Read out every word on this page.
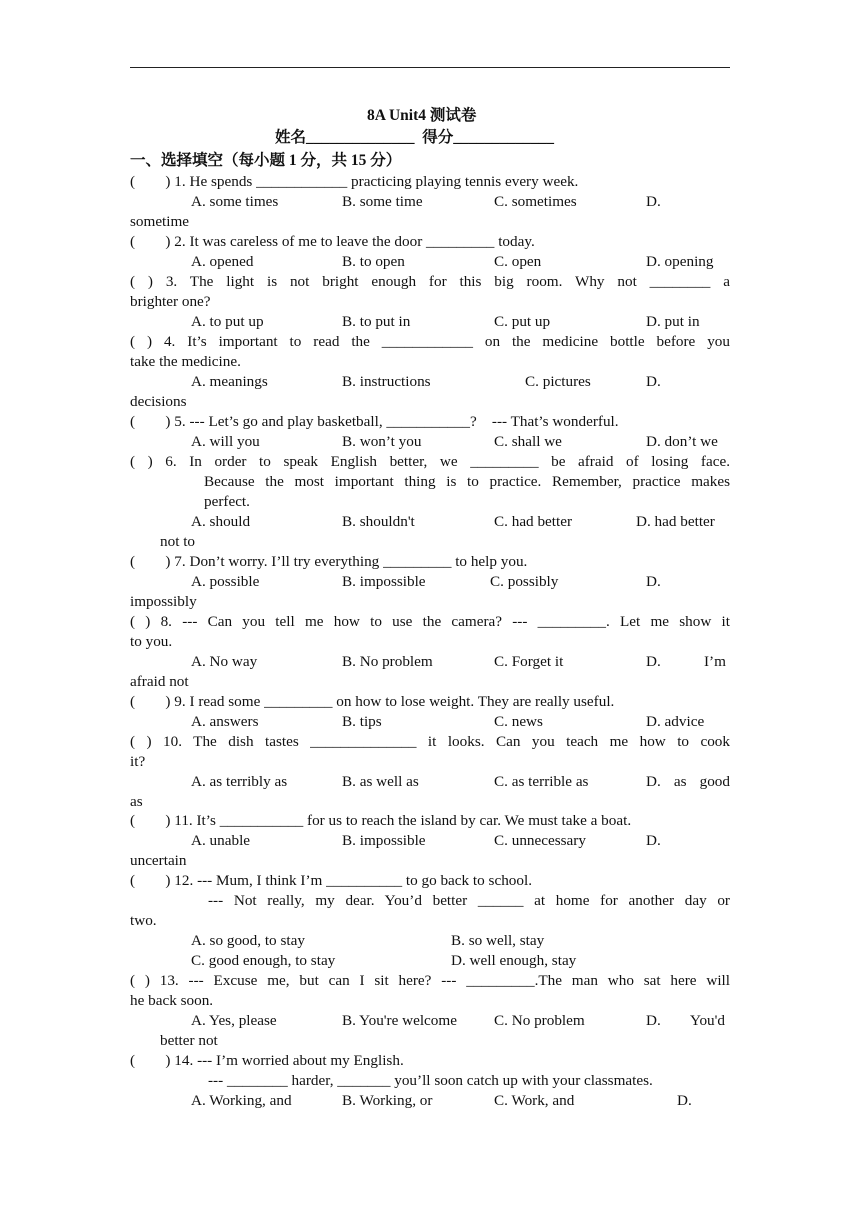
8A Unit4 测试卷
姓名______________  得分_____________
一、选择填空（每小题 1 分，共 15 分）
(        ) 1. He spends ____________ practicing playing tennis every week.
A. some times	B. some time	C. sometimes	D.
sometime
(        ) 2. It was careless of me to leave the door _________ today.
A. opened	B. to open	C. open	D. opening
( ) 3. The light is not bright enough for this big room. Why not ________ a
brighter one?
A. to put up	B. to put in	C. put up	D. put in
( ) 4. It’s important to read the ____________ on the medicine bottle before you
take the medicine.
A. meanings	B. instructions	C. pictures	D.
decisions
(        ) 5. --- Let’s go and play basketball, ___________?    --- That’s wonderful.
A. will you	B. won’t you	C. shall we	D. don’t we
( ) 6. In order to speak English better, we _________ be afraid of losing face.
Because the most important thing is to practice. Remember, practice makes
perfect.
A. should	B. shouldn't	C. had better	D. had better
not to
(        ) 7. Don’t worry. I’ll try everything _________ to help you.
A. possible	B. impossible	C. possibly	D.
impossibly
( ) 8. --- Can you tell me how to use the camera? --- _________. Let me show it
to you.
A. No way	B. No problem	C. Forget it	D.	I’m
afraid not
(        ) 9. I read some _________ on how to lose weight. They are really useful.
A. answers	B. tips	C. news	D. advice
( ) 10. The dish tastes ______________ it looks. Can you teach me how to cook
it?
A. as terribly as	B. as well as	C. as terrible as	D. as good
as
(        ) 11. It’s ___________ for us to reach the island by car. We must take a boat.
A. unable	B. impossible	C. unnecessary	D.
uncertain
(        ) 12. --- Mum, I think I’m __________ to go back to school.
--- Not really, my dear. You’d better ______ at home for another day or
two.
A. so good, to stay	B. so well, stay
C. good enough, to stay	D. well enough, stay
( ) 13. --- Excuse me, but can I sit here? --- _________.The man who sat here will
he back soon.
A. Yes, please	B. You're welcome C. No problem	D. You'd
better not
(        ) 14. --- I’m worried about my English.
--- ________ harder, _______ you’ll soon catch up with your classmates.
A. Working, and	B. Working, or	C. Work, and	D.
